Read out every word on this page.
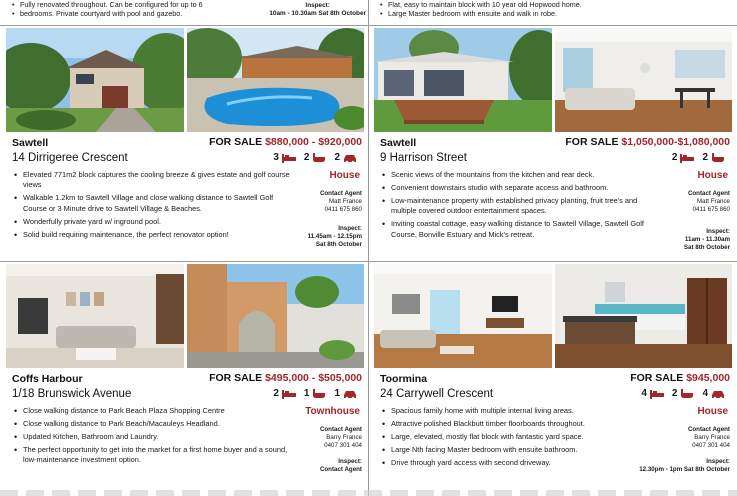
• Fully renovated throughout. Can be configured for up to 6
• bedrooms. Private courtyard with pool and gazebo.
Inspect:
10am - 10.30am Sat 8th October
• Flat, easy to maintain block with 10 year old Hopwood home.
• Large Master bedroom with ensuite and walk in robe.
Sawtell	FOR SALE $880,000 - $920,000
14 Dirrigeree Crescent	3	2	2
House
• Elevated 771m2 block captures the cooling breeze & gives estate and golf course views
• Walkable 1.2km to Sawtell Village and close walking distance to Sawtell Golf Course or 3 Minute drive to Sawtell Village & Beaches.
• Wonderfully private yard w/ inground pool.
• Solid build requiring maintenance, the perfect renovator option!
Contact Agent
Matt France
0411 675 860
Inspect:
11.45am - 12.15pm
Sat 8th October
Sawtell	FOR SALE $1,050,000-$1,080,000
9 Harrison Street	2	2
House
• Scenic views of the mountains from the kitchen and rear deck.
• Convenient downstairs studio with separate access and bathroom.
• Low-maintenance property with established privacy planting, fruit tree's and multiple covered outdoor entertainment spaces.
• Inviting coastal cottage, easy walking distance to Sawtell Village, Sawtell Golf Course, Bonville Estuary and Mick's retreat.
Contact Agent
Matt France
0411 675 860
Inspect:
11am - 11.30am
Sat 8th October
Coffs Harbour	FOR SALE $495,000 - $505,000
1/18 Brunswick Avenue	2	1	1
Townhouse
• Close walking distance to Park Beach Plaza Shopping Centre
• Close walking distance to Park Beach/Macauleys Headland.
• Updated Kitchen, Bathroom and Laundry.
• The perfect opportunity to get into the market for a first home buyer and a sound, low-maintenance investment option.
Contact Agent
Barry France
0407 301 404
Inspect:
Contact Agent
Toormina	FOR SALE $945,000
24 Carrywell Crescent	4	2	4
House
• Spacious family home with multiple internal living areas.
• Attractive polished Blackbutt timber floorboards throughout.
• Large, elevated, mostly flat block with fantastic yard space.
• Large Nth facing Master bedroom with ensuite bathroom.
• Drive through yard access with second driveway.
Contact Agent
Barry France
0407 301 404
Inspect:
12.30pm - 1pm Sat 8th October
